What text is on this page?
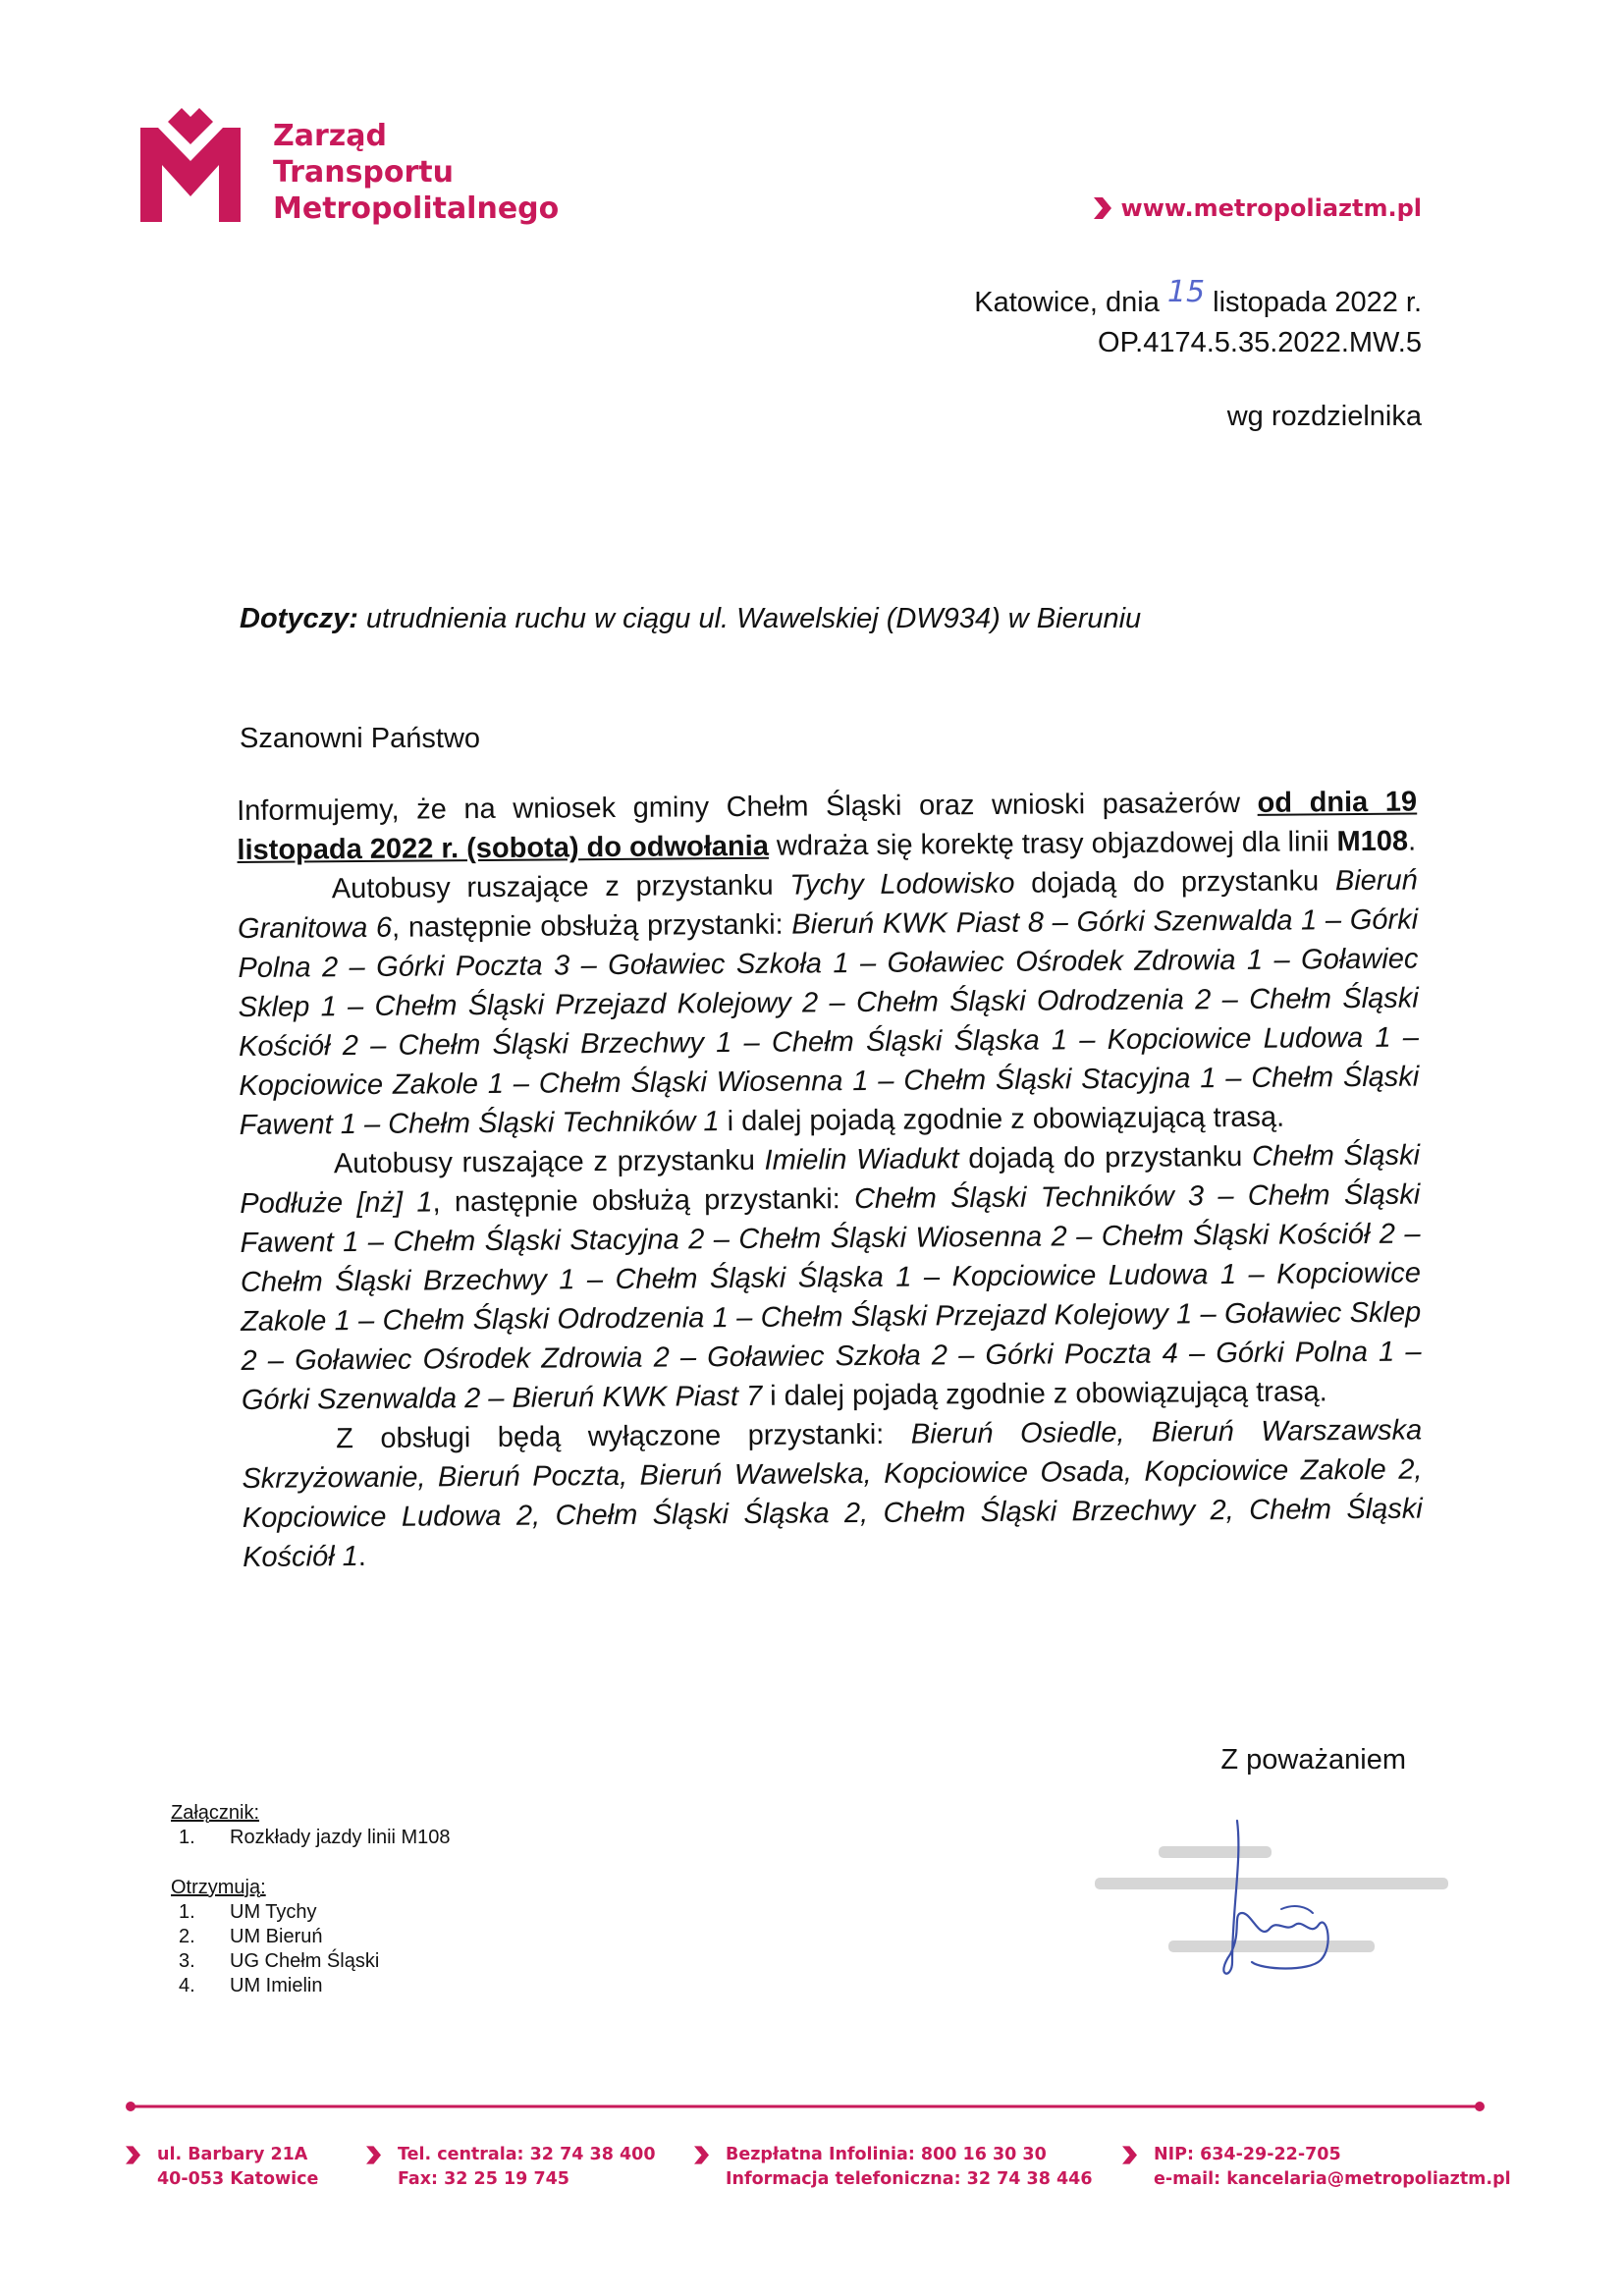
Zarząd
Transportu
Metropolitalnego	www.metropoliaztm.pl
Katowice, dnia 15 listopada 2022 r.
OP.4174.5.35.2022.MW.5
wg rozdzielnika
Dotyczy: utrudnienia ruchu w ciągu ul. Wawelskiej (DW934) w Bieruniu
Szanowni Państwo

Informujemy, że na wniosek gminy Chełm Śląski oraz wnioski pasażerów od dnia 19 listopada 2022 r. (sobota) do odwołania wdraża się korektę trasy objazdowej dla linii M108.

Autobusy ruszające z przystanku Tychy Lodowisko dojadą do przystanku Bieruń Granitowa 6, następnie obsłużą przystanki: Bieruń KWK Piast 8 – Górki Szenwalda 1 – Górki Polna 2 – Górki Poczta 3 – Goławiec Szkoła 1 – Goławiec Ośrodek Zdrowia 1 – Goławiec Sklep 1 – Chełm Śląski Przejazd Kolejowy 2 – Chełm Śląski Odrodzenia 2 – Chełm Śląski Kościół 2 – Chełm Śląski Brzechwy 1 – Chełm Śląski Śląska 1 – Kopciowice Ludowa 1 – Kopciowice Zakole 1 – Chełm Śląski Wiosenna 1 – Chełm Śląski Stacyjna 1 – Chełm Śląski Fawent 1 – Chełm Śląski Techników 1 i dalej pojadą zgodnie z obowiązującą trasą.

Autobusy ruszające z przystanku Imielin Wiadukt dojadą do przystanku Chełm Śląski Podłuże [nż] 1, następnie obsłużą przystanki: Chełm Śląski Techników 3 – Chełm Śląski Fawent 1 – Chełm Śląski Stacyjna 2 – Chełm Śląski Wiosenna 2 – Chełm Śląski Kościół 2 – Chełm Śląski Brzechwy 1 – Chełm Śląski Śląska 1 – Kopciowice Ludowa 1 – Kopciowice Zakole 1 – Chełm Śląski Odrodzenia 1 – Chełm Śląski Przejazd Kolejowy 1 – Goławiec Sklep 2 – Goławiec Ośrodek Zdrowia 2 – Goławiec Szkoła 2 – Górki Poczta 4 – Górki Polna 1 – Górki Szenwalda 2 – Bieruń KWK Piast 7 i dalej pojadą zgodnie z obowiązującą trasą.

Z obsługi będą wyłączone przystanki: Bieruń Osiedle, Bieruń Warszawska Skrzyżowanie, Bieruń Poczta, Bieruń Wawelska, Kopciowice Osada, Kopciowice Zakole 2, Kopciowice Ludowa 2, Chełm Śląski Śląska 2, Chełm Śląski Brzechwy 2, Chełm Śląski Kościół 1.

Z poważaniem
Załącznik:
1. Rozkłady jazdy linii M108
Otrzymują:
1. UM Tychy
2. UM Bieruń
3. UG Chełm Śląski
4. UM Imielin
ul. Barbary 21A
40-053 Katowice
Tel. centrala: 32 74 38 400
Fax: 32 25 19 745
Bezpłatna Infolinia: 800 16 30 30
Informacja telefoniczna: 32 74 38 446
NIP: 634-29-22-705
e-mail: kancelaria@metropoliaztm.pl
